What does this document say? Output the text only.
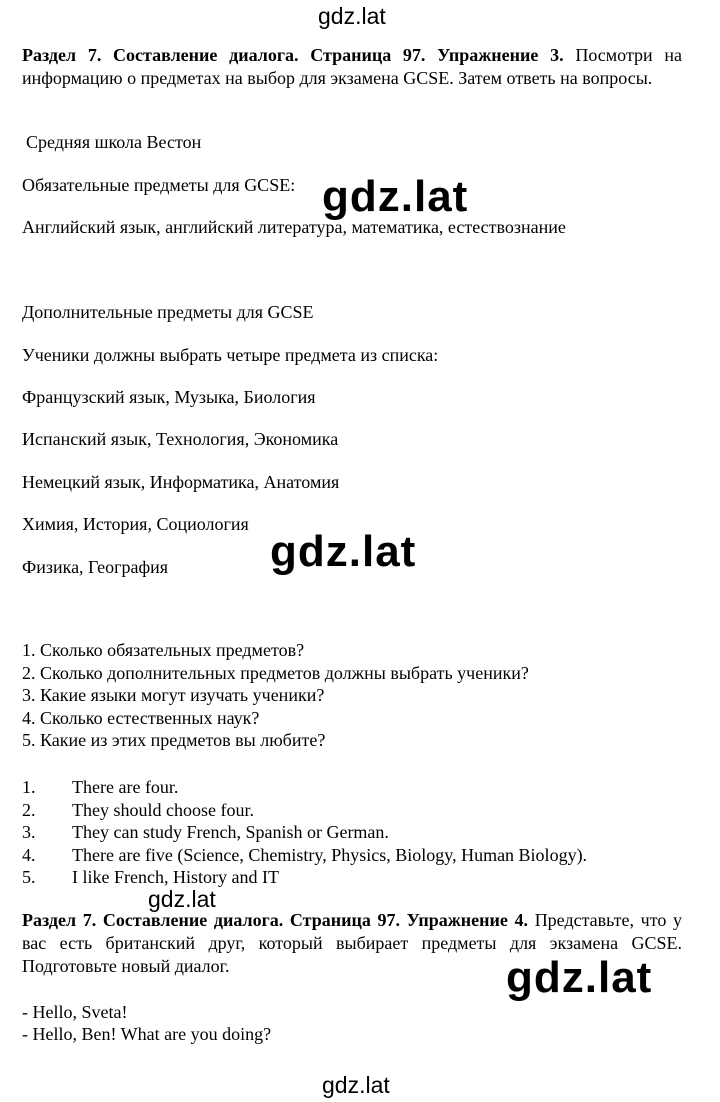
gdz.lat
Раздел 7. Составление диалога. Страница 97. Упражнение 3. Посмотри на информацию о предметах на выбор для экзамена GCSE. Затем ответь на вопросы.
Средняя школа Вестон
Обязательные предметы для GCSE:
Английский язык, английский литература, математика, естествознание
gdz.lat
Дополнительные предметы для GCSE
Ученики должны выбрать четыре предмета из списка:
Французский язык, Музыка, Биология
Испанский язык, Технология, Экономика
Немецкий язык, Информатика, Анатомия
Химия, История, Социология
Физика, География gdz.lat
1. Сколько обязательных предметов?
2. Сколько дополнительных предметов должны выбрать ученики?
3. Какие языки могут изучать ученики?
4. Сколько естественных наук?
5. Какие из этих предметов вы любите?
1. There are four.
2. They should choose four.
3. They can study French, Spanish or German.
4. There are five (Science, Chemistry, Physics, Biology, Human Biology).
5. I like French, History and IT
gdz.lat
Раздел 7. Составление диалога. Страница 97. Упражнение 4. Представьте, что у вас есть британский друг, который выбирает предметы для экзамена GCSE. Подготовьте новый диалог.	gdz.lat
- Hello, Sveta!
- Hello, Ben! What are you doing?
gdz.lat
